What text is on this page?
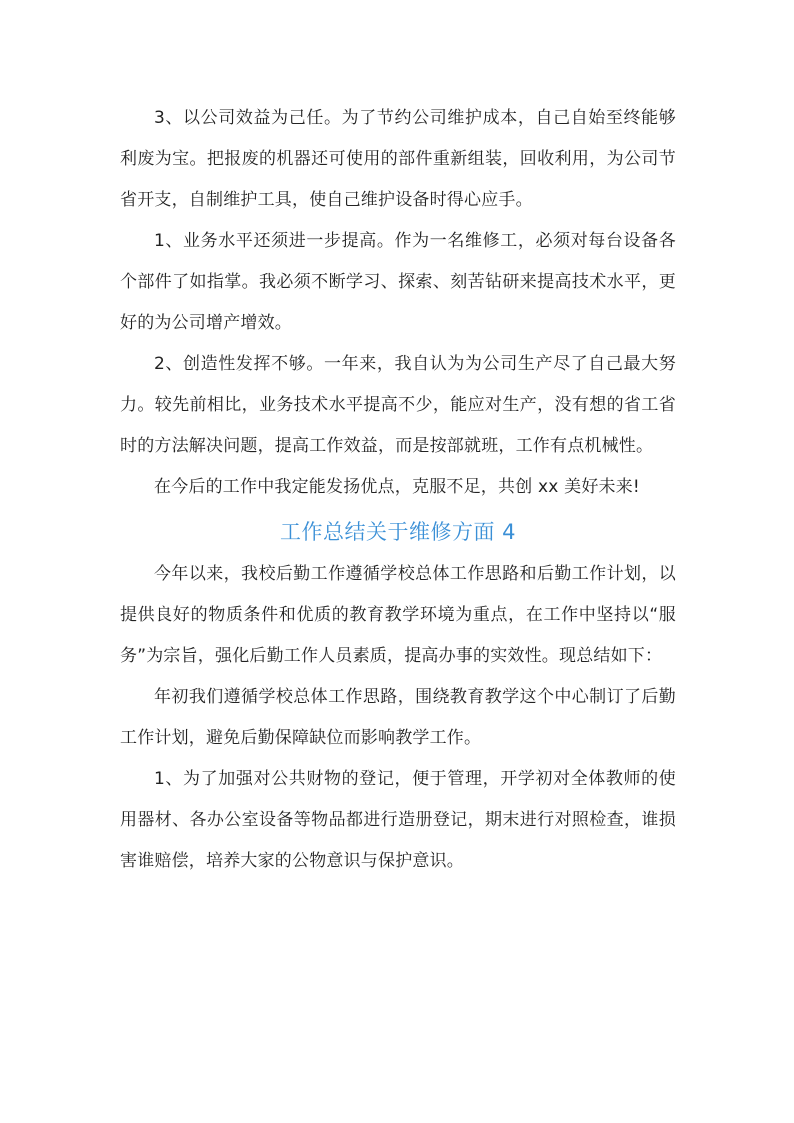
3、以公司效益为己任。为了节约公司维护成本，自己自始至终能够利废为宝。把报废的机器还可使用的部件重新组装，回收利用，为公司节省开支，自制维护工具，使自己维护设备时得心应手。

1、业务水平还须进一步提高。作为一名维修工，必须对每台设备各个部件了如指掌。我必须不断学习、探索、刻苦钻研来提高技术水平，更好的为公司增产增效。

2、创造性发挥不够。一年来，我自认为为公司生产尽了自己最大努力。较先前相比，业务技术水平提高不少，能应对生产，没有想的省工省时的方法解决问题，提高工作效益，而是按部就班，工作有点机械性。

在今后的工作中我定能发扬优点，克服不足，共创 xx 美好未来!

工作总结关于维修方面 4

今年以来，我校后勤工作遵循学校总体工作思路和后勤工作计划，以提供良好的物质条件和优质的教育教学环境为重点，在工作中坚持以“服务”为宗旨，强化后勤工作人员素质，提高办事的实效性。现总结如下：

年初我们遵循学校总体工作思路，围绕教育教学这个中心制订了后勤工作计划，避免后勤保障缺位而影响教学工作。

1、为了加强对公共财物的登记，便于管理，开学初对全体教师的使用器材、各办公室设备等物品都进行造册登记，期末进行对照检查，谁损害谁赔偿，培养大家的公物意识与保护意识。
